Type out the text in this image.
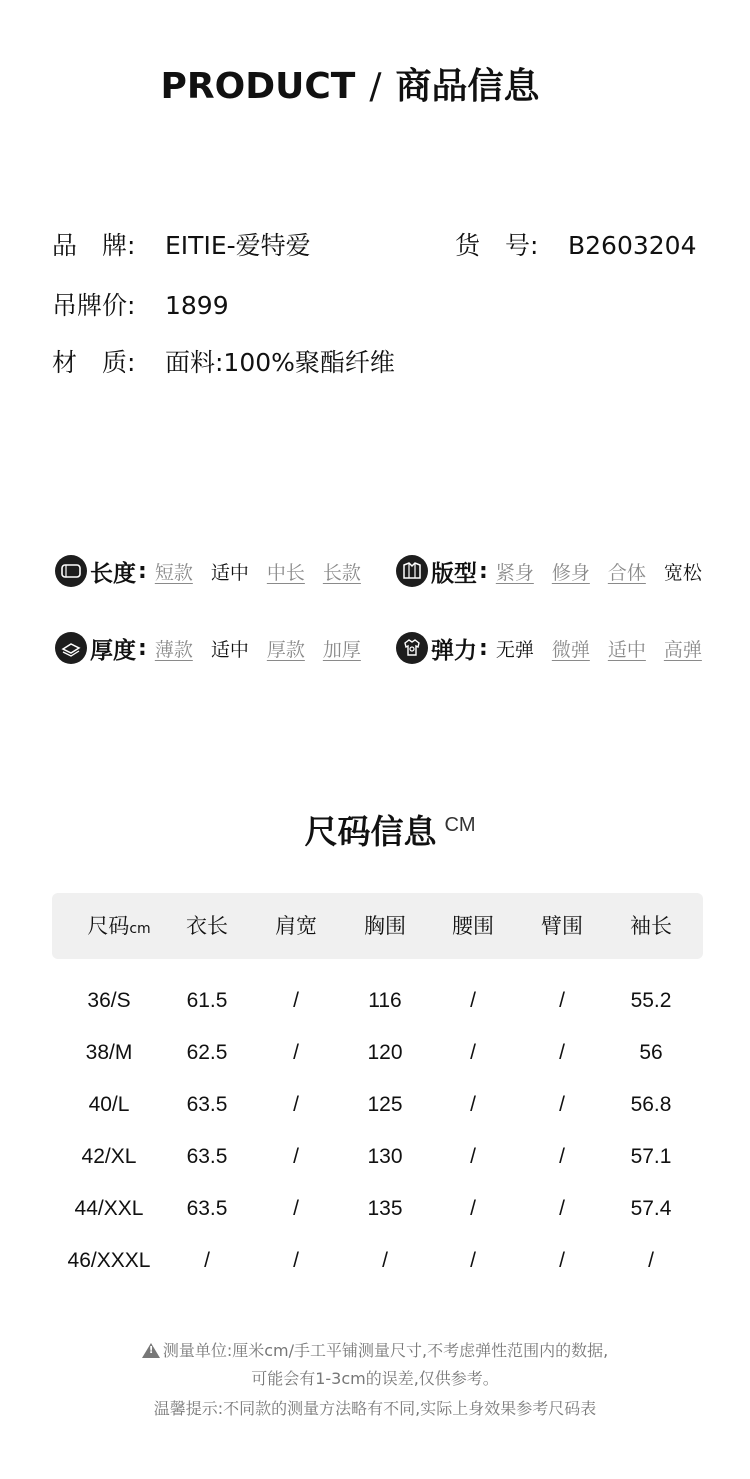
PRODUCT / 商品信息
品　牌: EITIE-爱特爱	货　号: B2603204
吊牌价: 1899
材　质: 面料:100%聚酯纤维
长度 : 短款 适中 中长 长款	版型 : 紧身 修身 合体 宽松
厚度 : 薄款 适中 厚款 加厚	弹力 : 无弹 微弹 适中 高弹
尺码信息 CM
尺码cm	衣长	肩宽	胸围	腰围	臂围	袖长
36/S	61.5	/	116	/	/	55.2
38/M	62.5	/	120	/	/	56
40/L	63.5	/	125	/	/	56.8
42/XL	63.5	/	130	/	/	57.1
44/XXL	63.5	/	135	/	/	57.4
46/XXXL	/	/	/	/	/	/
!测量单位:厘米cm/手工平铺测量尺寸,不考虑弹性范围内的数据,
可能会有1-3cm的误差,仅供参考。
温馨提示:不同款的测量方法略有不同,实际上身效果参考尺码表
